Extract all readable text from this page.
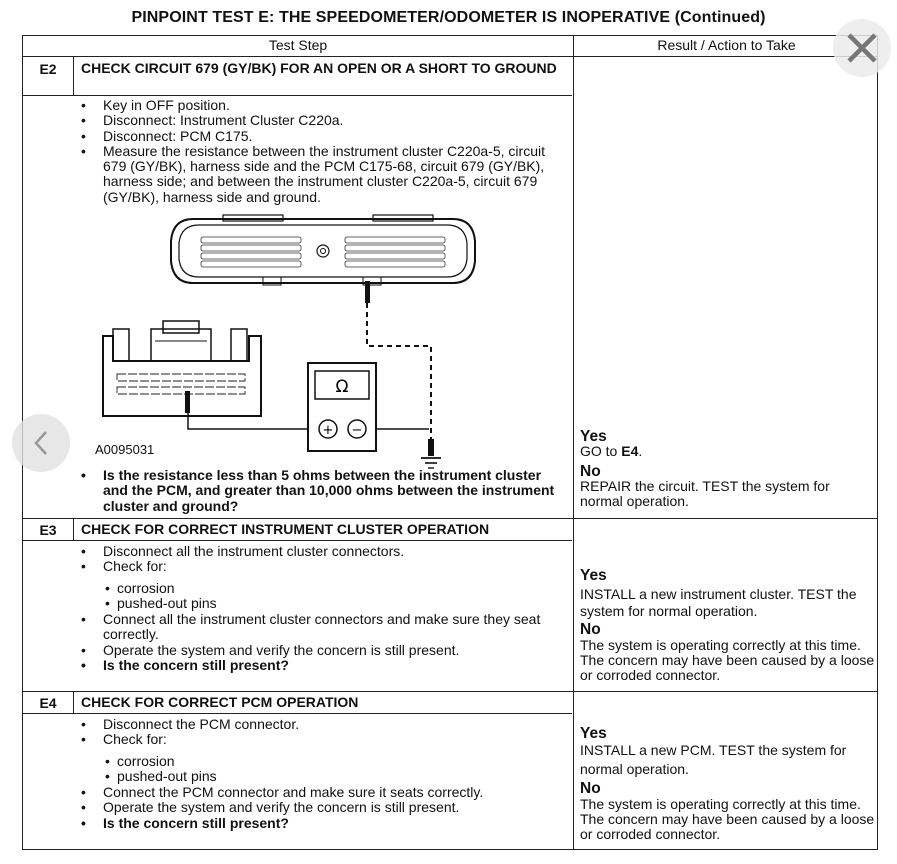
PINPOINT TEST E: THE SPEEDOMETER/ODOMETER IS INOPERATIVE (Continued)
Test Step	Result / Action to Take
E2	CHECK CIRCUIT 679 (GY/BK) FOR AN OPEN OR A SHORT TO GROUND
• Key in OFF position.
• Disconnect: Instrument Cluster C220a.
• Disconnect: PCM C175.
• Measure the resistance between the instrument cluster C220a-5, circuit 679 (GY/BK), harness side and the PCM C175-68, circuit 679 (GY/BK), harness side; and between the instrument cluster C220a-5, circuit 679 (GY/BK), harness side and ground.
Ω
+ −
A0095031
• Is the resistance less than 5 ohms between the instrument cluster and the PCM, and greater than 10,000 ohms between the instrument cluster and ground?
Yes
GO to E4.
No
REPAIR the circuit. TEST the system for normal operation.
E3	CHECK FOR CORRECT INSTRUMENT CLUSTER OPERATION
• Disconnect all the instrument cluster connectors.
• Check for:
• corrosion
• pushed-out pins
• Connect all the instrument cluster connectors and make sure they seat correctly.
• Operate the system and verify the concern is still present.
• Is the concern still present?
Yes
INSTALL a new instrument cluster. TEST the system for normal operation.
No
The system is operating correctly at this time. The concern may have been caused by a loose or corroded connector.
E4	CHECK FOR CORRECT PCM OPERATION
• Disconnect the PCM connector.
• Check for:
• corrosion
• pushed-out pins
• Connect the PCM connector and make sure it seats correctly.
• Operate the system and verify the concern is still present.
• Is the concern still present?
Yes
INSTALL a new PCM. TEST the system for normal operation.
No
The system is operating correctly at this time. The concern may have been caused by a loose or corroded connector.
